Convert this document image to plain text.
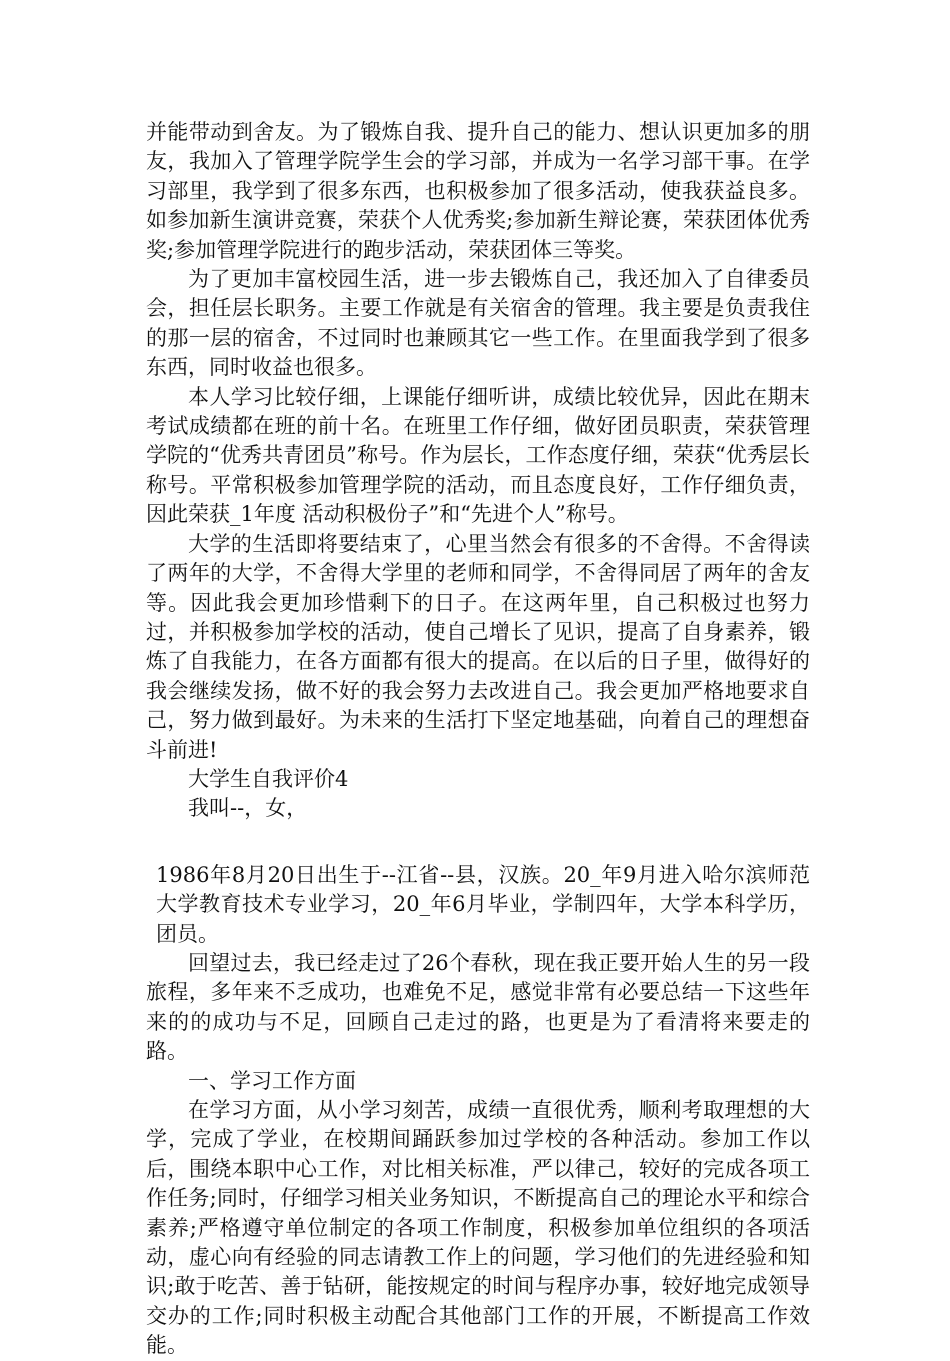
并能带动到舍友。为了锻炼自我、提升自己的能力、想认识更加多的朋友，我加入了管理学院学生会的学习部，并成为一名学习部干事。在学习部里，我学到了很多东西，也积极参加了很多活动，使我获益良多。如参加新生演讲竞赛，荣获个人优秀奖;参加新生辩论赛，荣获团体优秀奖;参加管理学院进行的跑步活动，荣获团体三等奖。

为了更加丰富校园生活，进一步去锻炼自己，我还加入了自律委员会，担任层长职务。主要工作就是有关宿舍的管理。我主要是负责我住的那一层的宿舍，不过同时也兼顾其它一些工作。在里面我学到了很多东西，同时收益也很多。

本人学习比较仔细，上课能仔细听讲，成绩比较优异，因此在期末考试成绩都在班的前十名。在班里工作仔细，做好团员职责，荣获管理学院的“优秀共青团员”称号。作为层长，工作态度仔细，荣获“优秀层长 称号。平常积极参加管理学院的活动，而且态度良好，工作仔细负责，因此荣获_1年度 活动积极份子”和“先进个人”称号。

大学的生活即将要结束了，心里当然会有很多的不舍得。不舍得读了两年的大学，不舍得大学里的老师和同学，不舍得同居了两年的舍友等。因此我会更加珍惜剩下的日子。在这两年里，自己积极过也努力过，并积极参加学校的活动，使自己增长了见识，提高了自身素养，锻炼了自我能力，在各方面都有很大的提高。在以后的日子里，做得好的我会继续发扬，做不好的我会努力去改进自己。我会更加严格地要求自己，努力做到最好。为未来的生活打下坚定地基础，向着自己的理想奋斗前进!

大学生自我评价4

我叫--，女，

1986年8月20日出生于--江省--县，汉族。20_年9月进入哈尔滨师范大学教育技术专业学习，20_年6月毕业，学制四年，大学本科学历，团员。

回望过去，我已经走过了26个春秋，现在我正要开始人生的另一段旅程，多年来不乏成功，也难免不足，感觉非常有必要总结一下这些年来的的成功与不足，回顾自己走过的路，也更是为了看清将来要走的路。

一、学习工作方面

在学习方面，从小学习刻苦，成绩一直很优秀，顺利考取理想的大学，完成了学业，在校期间踊跃参加过学校的各种活动。参加工作以后，围绕本职中心工作，对比相关标准，严以律己，较好的完成各项工作任务;同时，仔细学习相关业务知识，不断提高自己的理论水平和综合素养;严格遵守单位制定的各项工作制度，积极参加单位组织的各项活动，虚心向有经验的同志请教工作上的问题，学习他们的先进经验和知识;敢于吃苦、善于钻研，能按规定的时间与程序办事，较好地完成领导交办的工作;同时积极主动配合其他部门工作的开展，不断提高工作效能。
